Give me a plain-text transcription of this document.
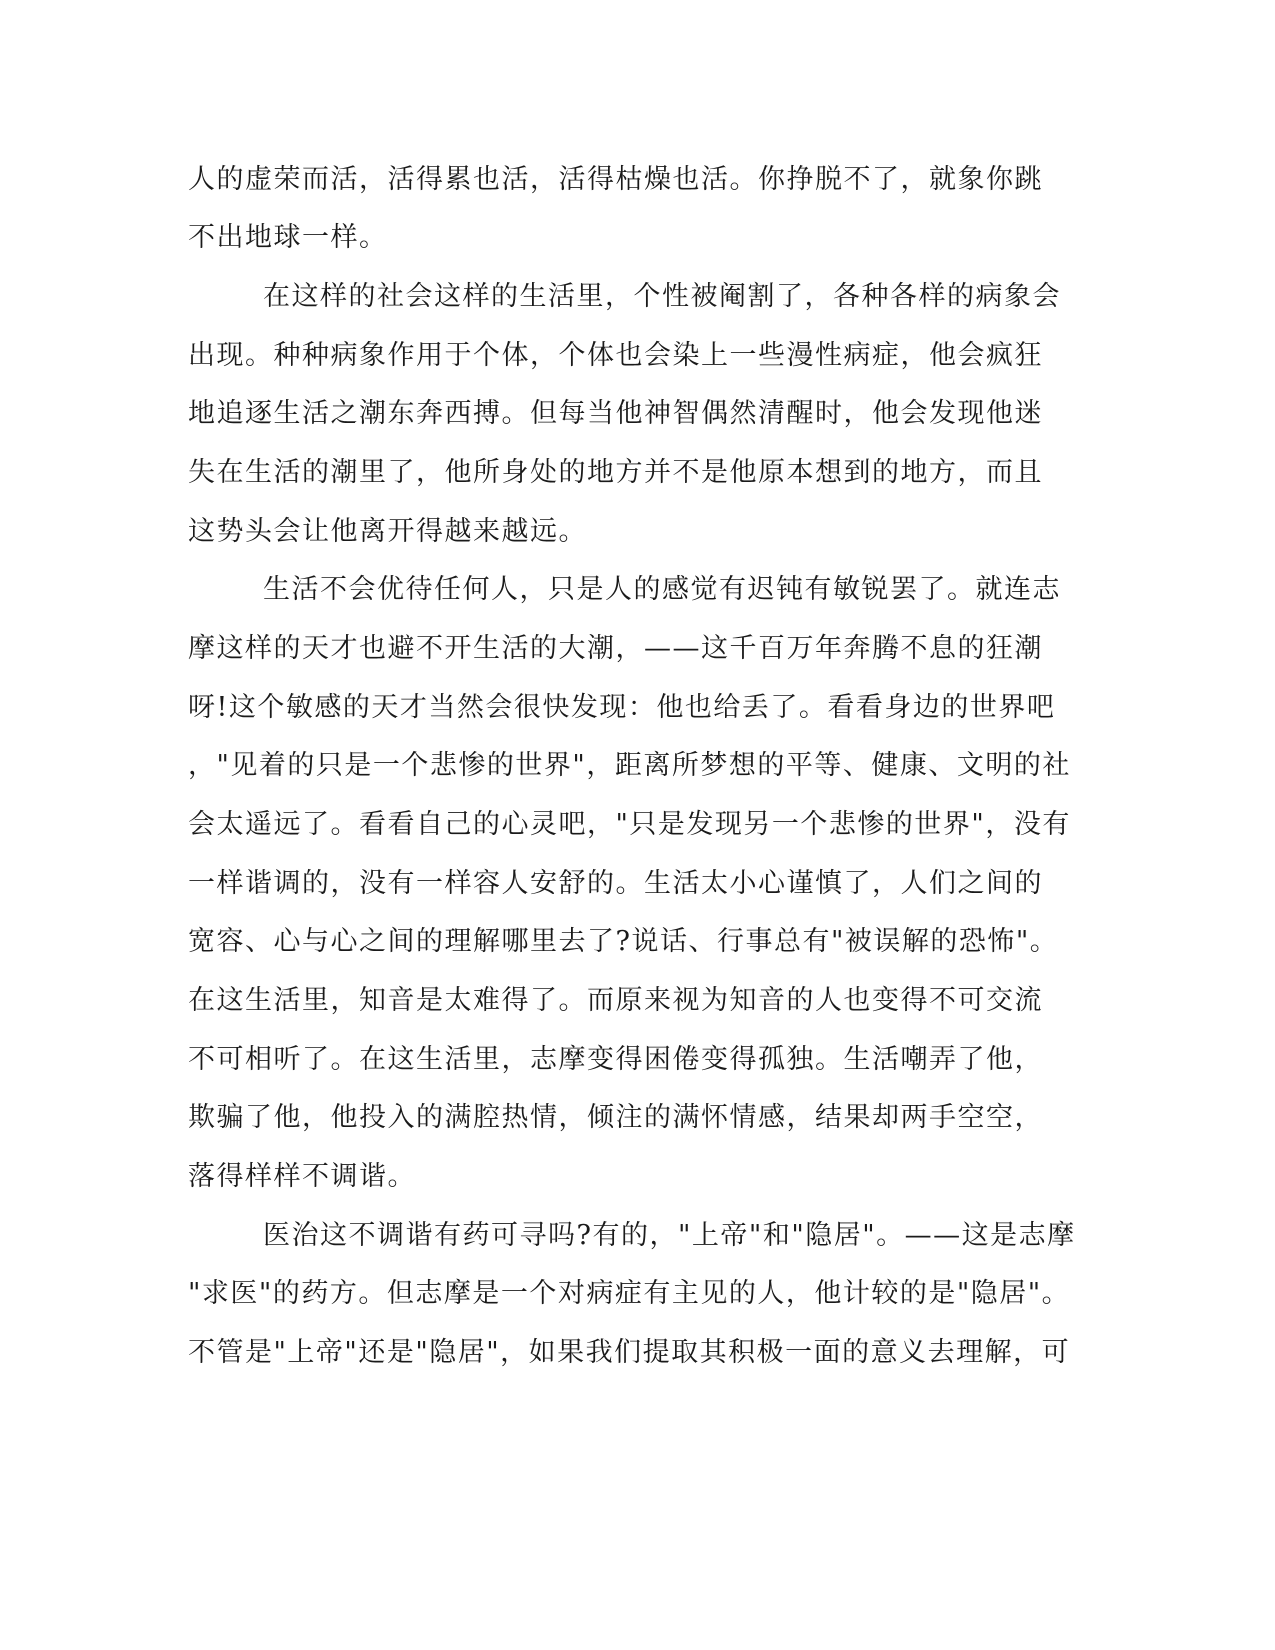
人的虚荣而活，活得累也活，活得枯燥也活。你挣脱不了，就象你跳
不出地球一样。
在这样的社会这样的生活里，个性被阉割了，各种各样的病象会
出现。种种病象作用于个体，个体也会染上一些漫性病症，他会疯狂
地追逐生活之潮东奔西搏。但每当他神智偶然清醒时，他会发现他迷
失在生活的潮里了，他所身处的地方并不是他原本想到的地方，而且
这势头会让他离开得越来越远。
生活不会优待任何人，只是人的感觉有迟钝有敏锐罢了。就连志
摩这样的天才也避不开生活的大潮，——这千百万年奔腾不息的狂潮
呀!这个敏感的天才当然会很快发现：他也给丢了。看看身边的世界吧
，"见着的只是一个悲惨的世界"，距离所梦想的平等、健康、文明的社
会太遥远了。看看自己的心灵吧，"只是发现另一个悲惨的世界"，没有
一样谐调的，没有一样容人安舒的。生活太小心谨慎了，人们之间的
宽容、心与心之间的理解哪里去了?说话、行事总有"被误解的恐怖"。
在这生活里，知音是太难得了。而原来视为知音的人也变得不可交流
不可相听了。在这生活里，志摩变得困倦变得孤独。生活嘲弄了他，
欺骗了他，他投入的满腔热情，倾注的满怀情感，结果却两手空空，
落得样样不调谐。
医治这不调谐有药可寻吗?有的，"上帝"和"隐居"。——这是志摩
"求医"的药方。但志摩是一个对病症有主见的人，他计较的是"隐居"。
不管是"上帝"还是"隐居"，如果我们提取其积极一面的意义去理解，可
